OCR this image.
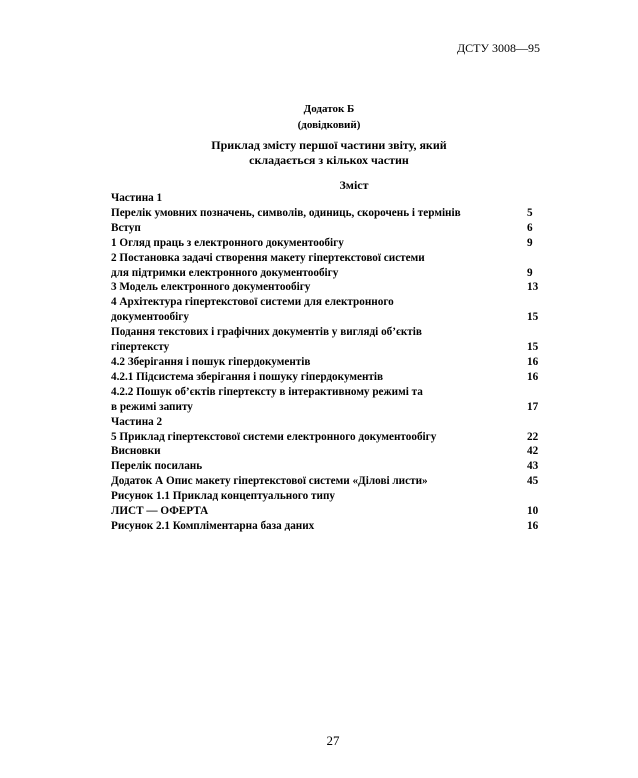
ДСТУ 3008—95
Додаток Б
(довідковий)
Приклад змісту першої частини звіту, який
складається з кількох частин
Зміст
Частина 1
Перелік умовних позначень, символів, одиниць, скорочень і термінів	5
Вступ	6
1 Огляд праць з електронного документообігу	9
2 Постановка задачі створення макету гіпертекстової системи
для підтримки електронного документообігу	9
3 Модель електронного документообігу	13
4 Архітектура гіпертекстової системи для електронного
документообігу	15
Подання текстових і графічних документів у вигляді об’єктів
гіпертексту	15
4.2 Зберігання і пошук гіпердокументів	16
4.2.1 Підсистема зберігання і пошуку гіпердокументів	16
4.2.2 Пошук об’єктів гіпертексту в інтерактивному режимі та
в режимі запиту	17
Частина 2
5 Приклад гіпертекстової системи електронного документообігу	22
Висновки	42
Перелік посилань	43
Додаток А Опис макету гіпертекстової системи «Ділові листи»	45
Рисунок 1.1 Приклад концептуального типу
ЛИСТ — ОФЕРТА	10
Рисунок 2.1 Компліментарна база даних	16
27
